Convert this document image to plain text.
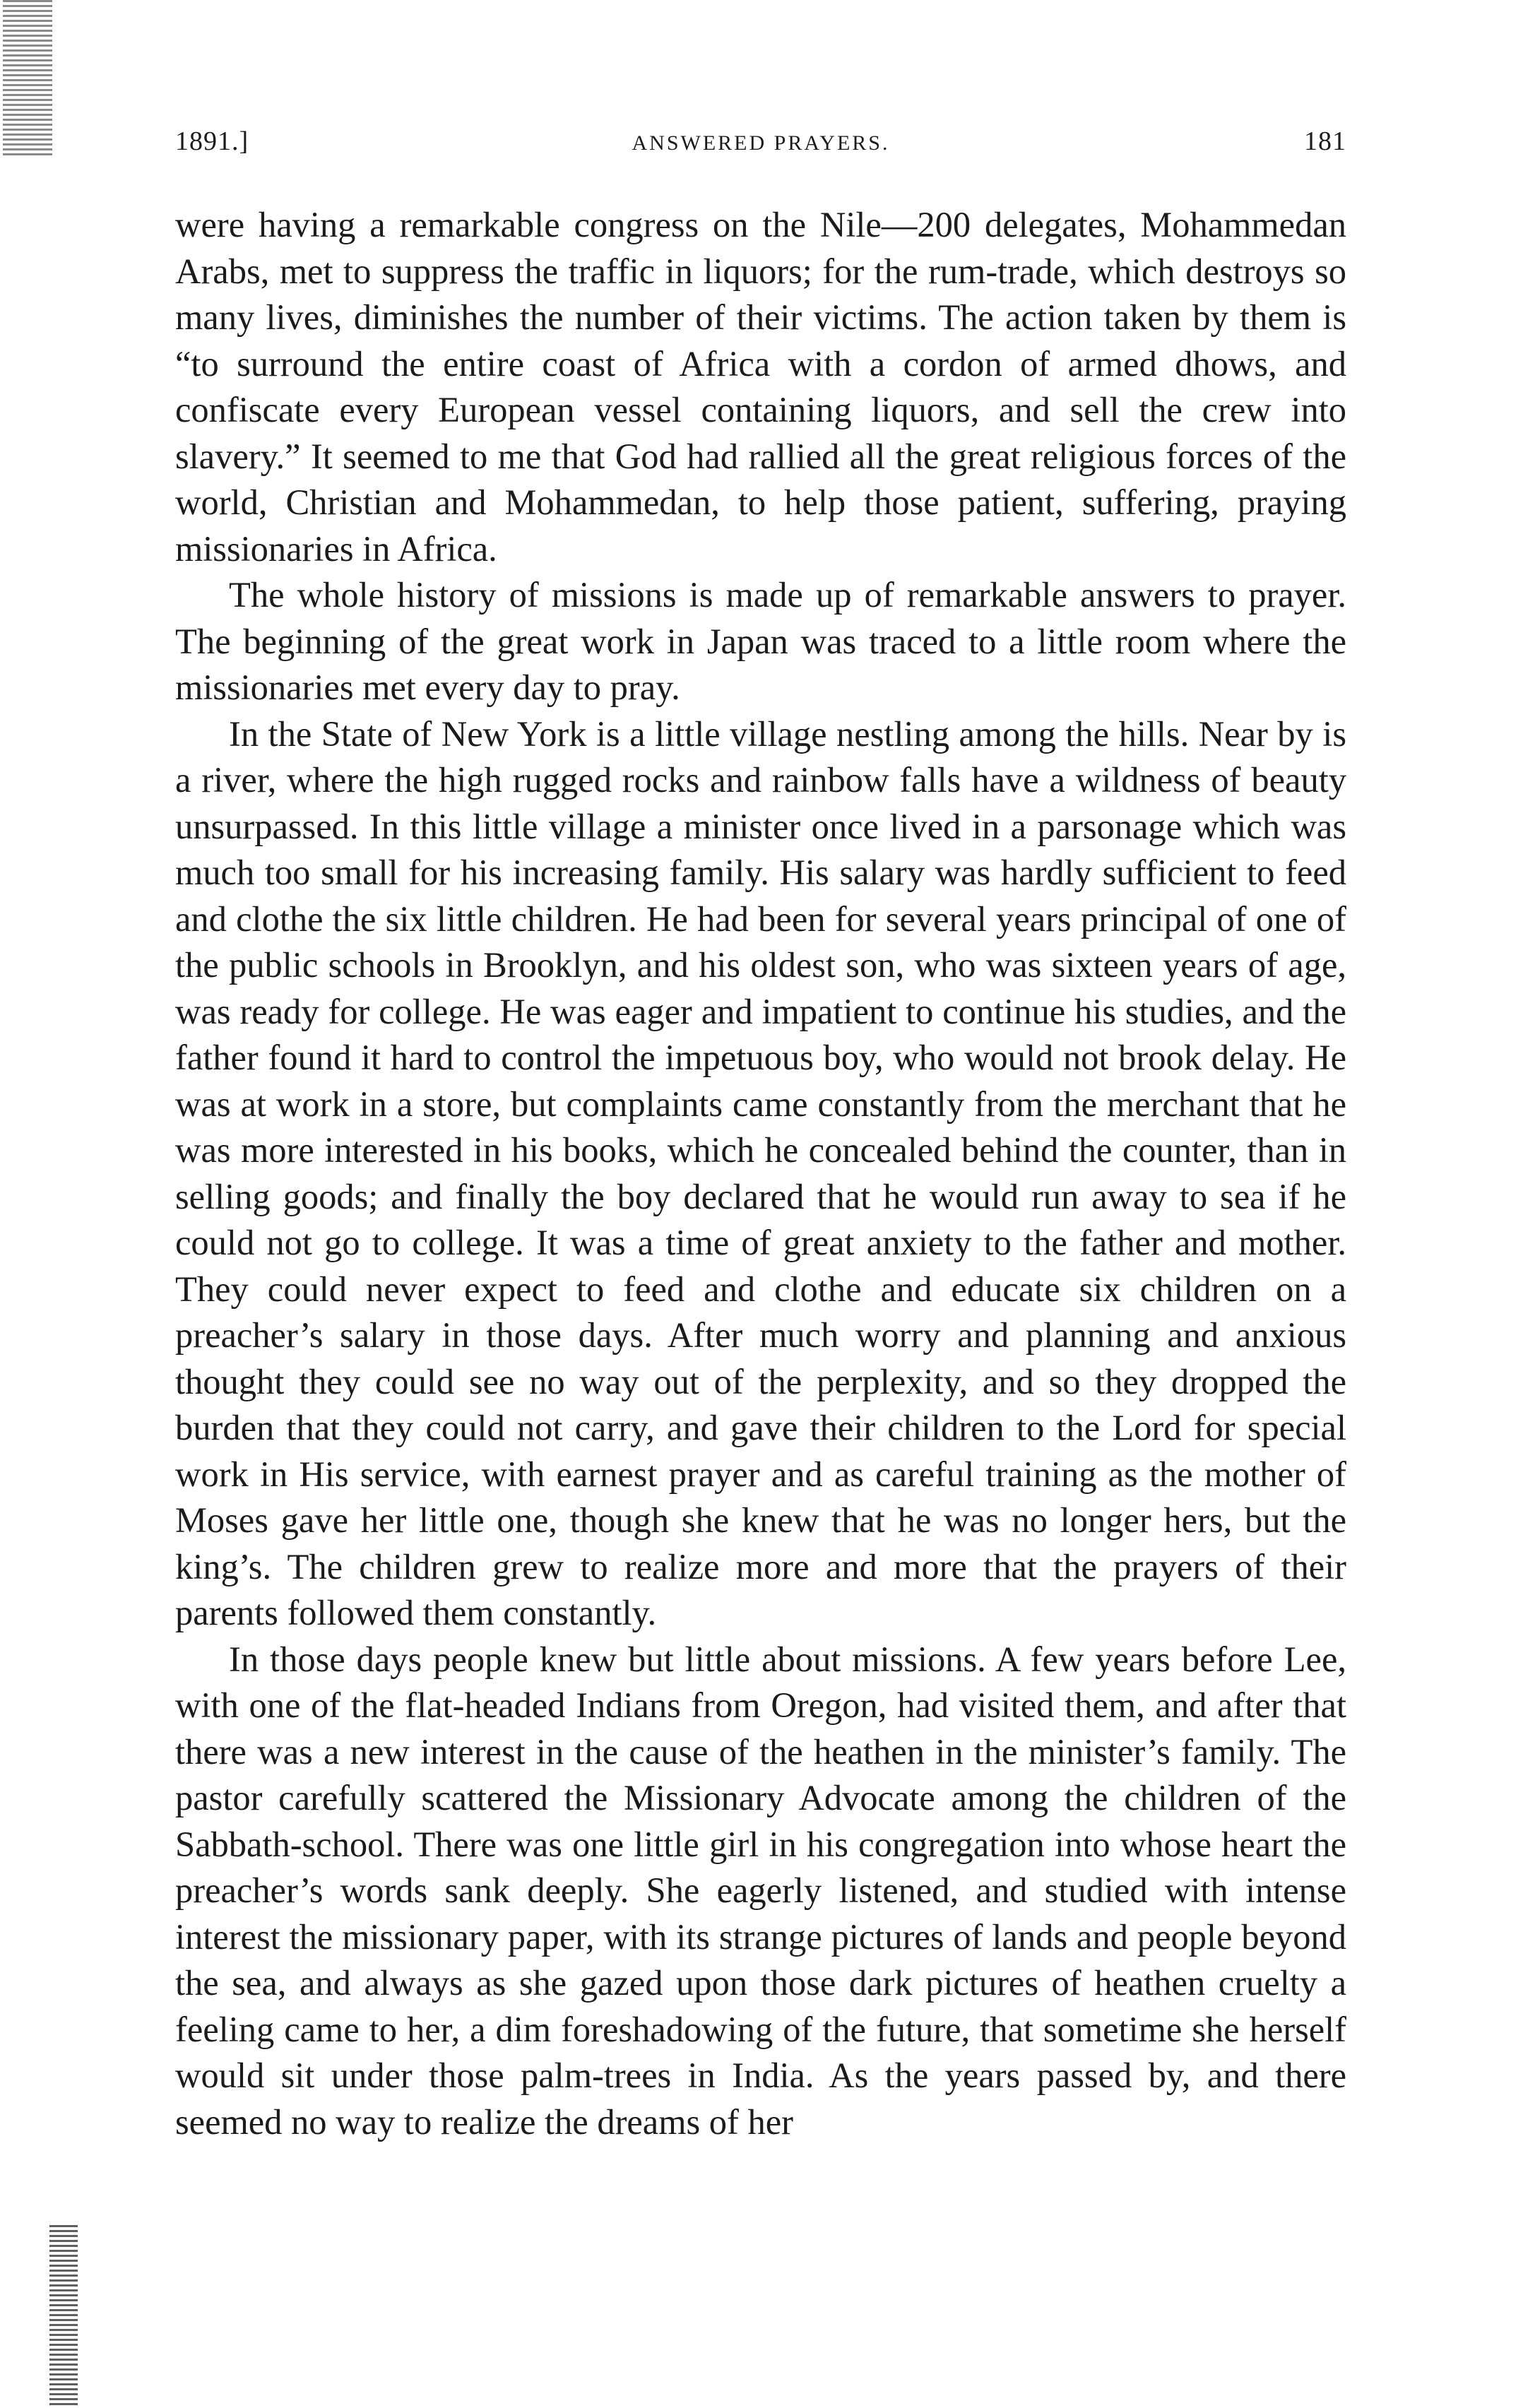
1891.]	ANSWERED PRAYERS.	181

were having a remarkable congress on the Nile—200 delegates, Mohammedan Arabs, met to suppress the traffic in liquors; for the rum-trade, which destroys so many lives, diminishes the number of their victims. The action taken by them is “to surround the entire coast of Africa with a cordon of armed dhows, and confiscate every European vessel containing liquors, and sell the crew into slavery.” It seemed to me that God had rallied all the great religious forces of the world, Christian and Mohammedan, to help those patient, suffering, praying missionaries in Africa.

The whole history of missions is made up of remarkable answers to prayer. The beginning of the great work in Japan was traced to a little room where the missionaries met every day to pray.

In the State of New York is a little village nestling among the hills. Near by is a river, where the high rugged rocks and rainbow falls have a wildness of beauty unsurpassed. In this little village a minister once lived in a parsonage which was much too small for his increasing family. His salary was hardly sufficient to feed and clothe the six little children. He had been for several years principal of one of the public schools in Brooklyn, and his oldest son, who was sixteen years of age, was ready for college. He was eager and impatient to continue his studies, and the father found it hard to control the impetuous boy, who would not brook delay. He was at work in a store, but complaints came constantly from the merchant that he was more interested in his books, which he concealed behind the counter, than in selling goods; and finally the boy declared that he would run away to sea if he could not go to college. It was a time of great anxiety to the father and mother. They could never expect to feed and clothe and educate six children on a preacher’s salary in those days. After much worry and planning and anxious thought they could see no way out of the perplexity, and so they dropped the burden that they could not carry, and gave their children to the Lord for special work in His service, with earnest prayer and as careful training as the mother of Moses gave her little one, though she knew that he was no longer hers, but the king’s. The children grew to realize more and more that the prayers of their parents followed them constantly.

In those days people knew but little about missions. A few years before Lee, with one of the flat-headed Indians from Oregon, had visited them, and after that there was a new interest in the cause of the heathen in the minister’s family. The pastor carefully scattered the Missionary Advocate among the children of the Sabbath-school. There was one little girl in his congregation into whose heart the preacher’s words sank deeply. She eagerly listened, and studied with intense interest the missionary paper, with its strange pictures of lands and people beyond the sea, and always as she gazed upon those dark pictures of heathen cruelty a feeling came to her, a dim foreshadowing of the future, that sometime she herself would sit under those palm-trees in India. As the years passed by, and there seemed no way to realize the dreams of her
